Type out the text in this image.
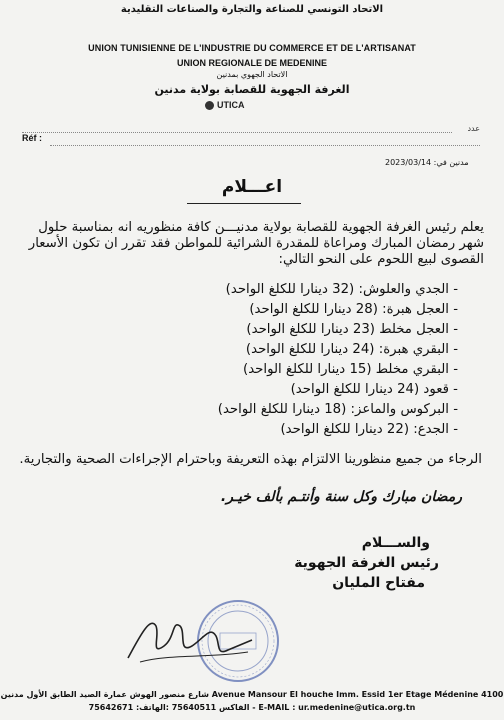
الاتحاد التونسي للصناعة والتجارة والصناعات التقليدية
UNION TUNISIENNE DE L'INDUSTRIE DU COMMERCE ET DE L'ARTISANAT
UNION REGIONALE DE MEDENINE
الاتحاد الجهوي بمدنين
الغرفة الجهوية للقصابة بولاية مدنين
UTICA
عدد
Réf :
مدنين في: 2023/03/14
اعـــلام
يعلم رئيس الغرفة الجهوية للقصابة بولاية مدنيـــن كافة منظوريه انه بمناسبة حلول شهر رمضان المبارك ومراعاة للمقدرة الشرائية للمواطن فقد تقرر ان تكون الأسعار القصوى لبيع اللحوم على النحو التالي:
- الجدي والعلوش: (32 دينارا للكلغ الواحد)
- العجل هبرة: (28 دينارا للكلغ الواحد)
- العجل مخلط (23 دينارا للكلغ الواحد)
- البقري هبرة: (24 دينارا للكلغ الواحد)
- البقري مخلط (15 دينارا للكلغ الواحد)
- قعود (24 دينارا للكلغ الواحد)
- البركوس والماعز: (18 دينارا للكلغ الواحد)
- الجدع: (22 دينارا للكلغ الواحد)
الرجاء من جميع منظورينا الالتزام بهذه التعريفة وباحترام الإجراءات الصحية والتجارية.
رمضان مبارك وكل سنة وأنتـم بألف خيـر.
والســـلام
رئيس الغرفة الجهوية
مفتاح المليان
Avenue Mansour El houche Imm. Essid 1er Etage Médenine 4100 شارع منصور الهوش عمارة الصيد الطابق الأول مدنين
75642671 :الفاكس 75640511 :الهاتف - E-MAIL : ur.medenine@utica.org.tn
